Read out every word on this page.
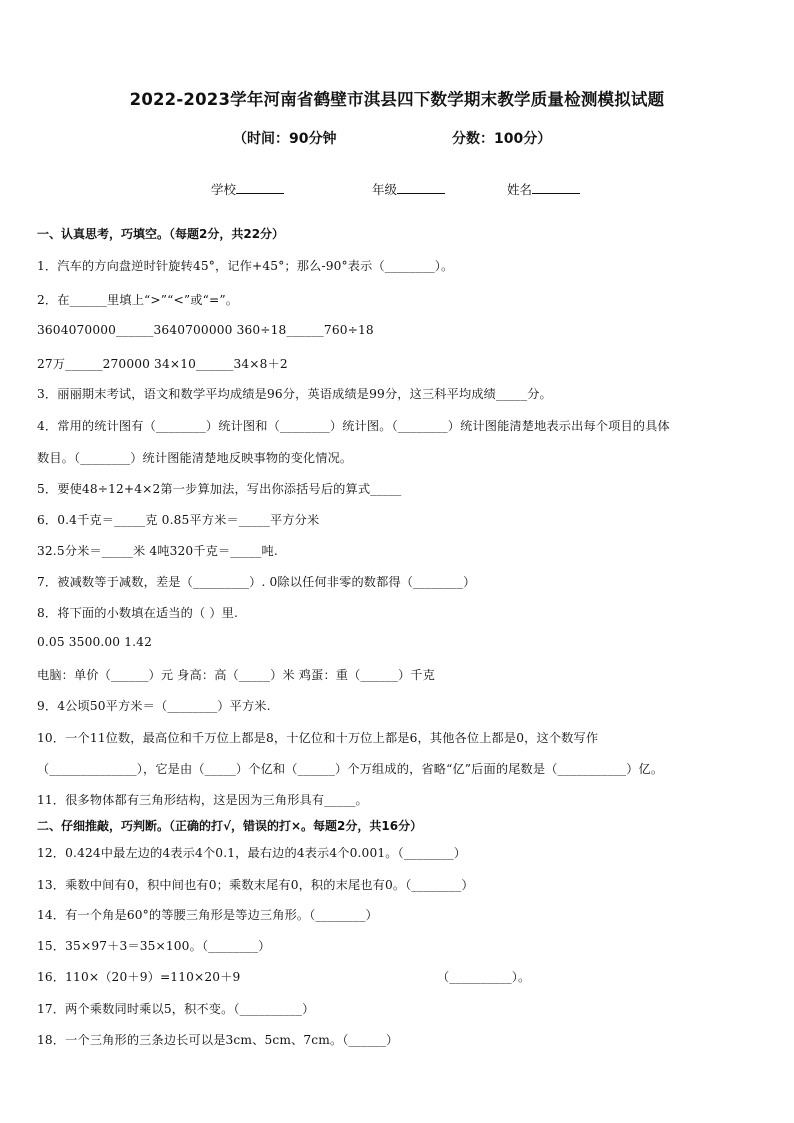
2022-2023学年河南省鹤壁市淇县四下数学期末教学质量检测模拟试题
（时间：90分钟	分数：100分）
学校	年级	姓名
一、认真思考，巧填空。（每题2分，共22分）
1．汽车的方向盘逆时针旋转45°，记作+45°；那么-90°表示（________）。
2．在______里填上“>”“<”或“=”。
3604070000______3640700000 360÷18______760÷18
27万______270000 34×10______34×8＋2
3．丽丽期末考试，语文和数学平均成绩是96分，英语成绩是99分，这三科平均成绩_____分。
4．常用的统计图有（________）统计图和（________）统计图。（________）统计图能清楚地表示出每个项目的具体
数目。（________）统计图能清楚地反映事物的变化情况。
5．要使48÷12+4×2第一步算加法，写出你添括号后的算式_____
6．0.4千克＝_____克 0.85平方米＝_____平方分米
32.5分米＝_____米 4吨320千克＝_____吨.
7．被减数等于减数，差是（_________）. 0除以任何非零的数都得（________）
8．将下面的小数填在适当的（ ）里.
0.05 3500.00 1.42
电脑：单价（______）元 身高：高（_____）米 鸡蛋：重（______）千克
9．4公顷50平方米＝（________）平方米.
10．一个11位数，最高位和千万位上都是8，十亿位和十万位上都是6，其他各位上都是0，这个数写作
（______________），它是由（_____）个亿和（______）个万组成的，省略“亿”后面的尾数是（___________）亿。
11．很多物体都有三角形结构，这是因为三角形具有_____。
二、仔细推敲，巧判断。（正确的打√，错误的打×。每题2分，共16分）
12．0.424中最左边的4表示4个0.1，最右边的4表示4个0.001。（________）
13．乘数中间有0，积中间也有0；乘数末尾有0，积的末尾也有0。（________）
14．有一个角是60°的等腰三角形是等边三角形。（________）
15．35×97＋3＝35×100。（________）
16．110×（20＋9）=110×20＋9	（__________）。
17．两个乘数同时乘以5，积不变。（__________）
18．一个三角形的三条边长可以是3cm、5cm、7cm。（______）
